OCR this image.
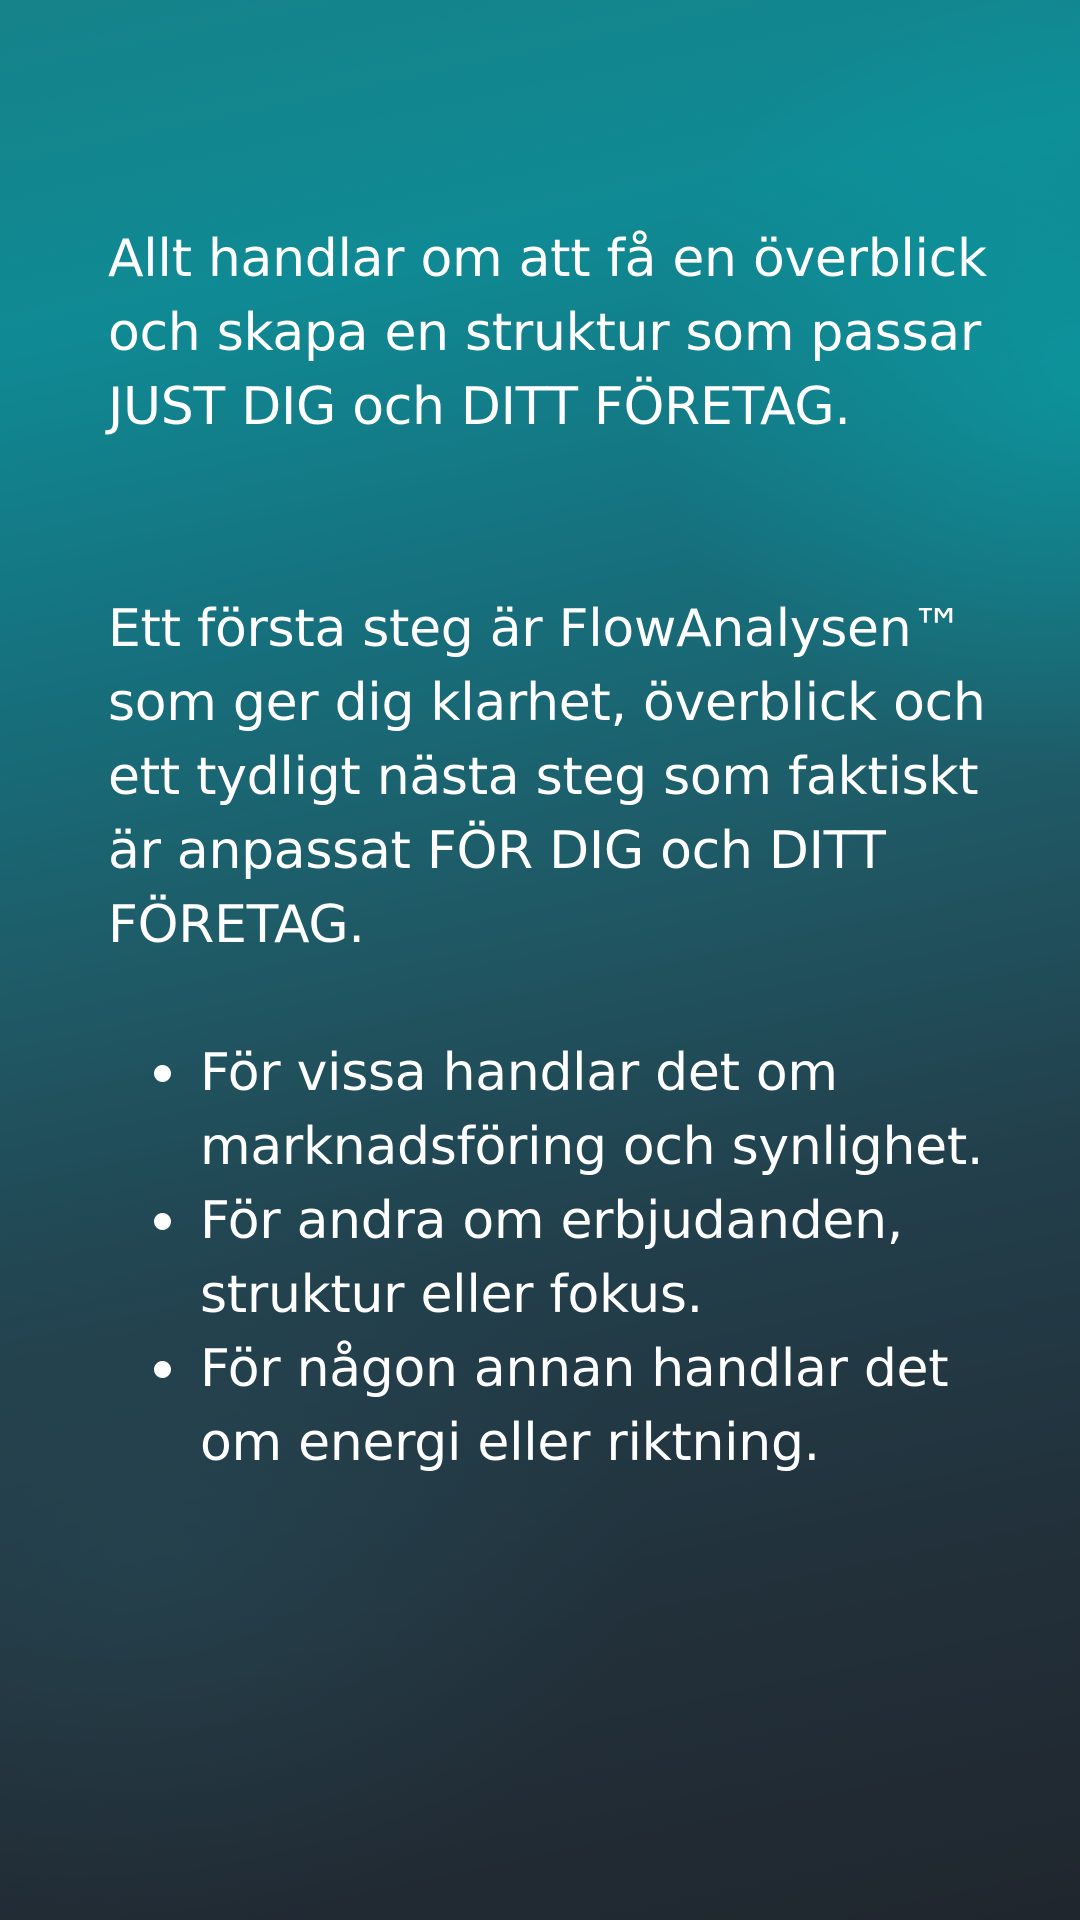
Allt handlar om att få en överblick och skapa en struktur som passar JUST DIG och DITT FÖRETAG.

Ett första steg är FlowAnalysen™ som ger dig klarhet, överblick och ett tydligt nästa steg som faktiskt är anpassat FÖR DIG och DITT FÖRETAG.

För vissa handlar det om marknadsföring och synlighet.
För andra om erbjudanden, struktur eller fokus.
För någon annan handlar det om energi eller riktning.
